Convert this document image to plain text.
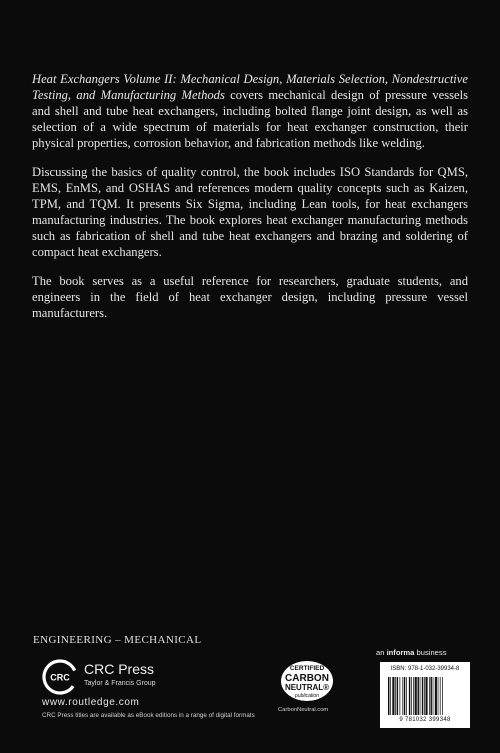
Heat Exchangers Volume II: Mechanical Design, Materials Selection, Nondestructive Testing, and Manufacturing Methods covers mechanical design of pressure vessels and shell and tube heat exchangers, including bolted flange joint design, as well as selection of a wide spectrum of materials for heat exchanger construction, their physical properties, corrosion behavior, and fabrication methods like welding.

Discussing the basics of quality control, the book includes ISO Standards for QMS, EMS, EnMS, and OSHAS and references modern quality concepts such as Kaizen, TPM, and TQM. It presents Six Sigma, including Lean tools, for heat exchangers manufacturing industries. The book explores heat exchanger manufacturing methods such as fabrication of shell and tube heat exchangers and brazing and soldering of compact heat exchangers.

The book serves as a useful reference for researchers, graduate students, and engineers in the field of heat exchanger design, including pressure vessel manufacturers.

ENGINEERING – MECHANICAL
CRC
CRC Press
Taylor & Francis Group
www.routledge.com
CRC Press titles are available as eBook editions in a range of digital formats
CERTIFIED
CARBON
NEUTRAL®
publication
CarbonNeutral.com
an informa business
ISBN: 978-1-032-39934-8
9 781032 399348
